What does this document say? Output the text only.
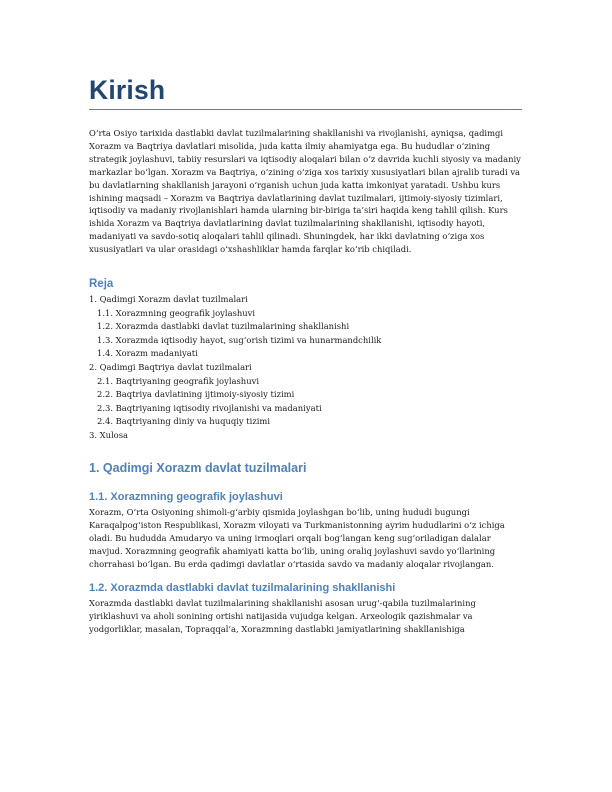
Kirish

O‘rta Osiyo tarixida dastlabki davlat tuzilmalarining shakllanishi va rivojlanishi, ayniqsa, qadimgi Xorazm va Baqtriya davlatlari misolida, juda katta ilmiy ahamiyatga ega. Bu hududlar o‘zining strategik joylashuvi, tabiiy resurslari va iqtisodiy aloqalari bilan o‘z davrida kuchli siyosiy va madaniy markazlar bo‘lgan. Xorazm va Baqtriya, o‘zining o‘ziga xos tarixiy xususiyatlari bilan ajralib turadi va bu davlatlarning shakllanish jarayoni o‘rganish uchun juda katta imkoniyat yaratadi. Ushbu kurs ishining maqsadi – Xorazm va Baqtriya davlatlarining davlat tuzilmalari, ijtimoiy-siyosiy tizimlari, iqtisodiy va madaniy rivojlanishlari hamda ularning bir-biriga ta’siri haqida keng tahlil qilish. Kurs ishida Xorazm va Baqtriya davlatlarining davlat tuzilmalarining shakllanishi, iqtisodiy hayoti, madaniyati va savdo-sotiq aloqalari tahlil qilinadi. Shuningdek, har ikki davlatning o‘ziga xos xususiyatlari va ular orasidagi o‘xshashliklar hamda farqlar ko‘rib chiqiladi.

Reja
1. Qadimgi Xorazm davlat tuzilmalari
1.1. Xorazmning geografik joylashuvi
1.2. Xorazmda dastlabki davlat tuzilmalarining shakllanishi
1.3. Xorazmda iqtisodiy hayot, sug‘orish tizimi va hunarmandchilik
1.4. Xorazm madaniyati
2. Qadimgi Baqtriya davlat tuzilmalari
2.1. Baqtriyaning geografik joylashuvi
2.2. Baqtriya davlatining ijtimoiy-siyosiy tizimi
2.3. Baqtriyaning iqtisodiy rivojlanishi va madaniyati
2.4. Baqtriyaning diniy va huquqiy tizimi
3. Xulosa
1. Qadimgi Xorazm davlat tuzilmalari
1.1. Xorazmning geografik joylashuvi

Xorazm, O‘rta Osiyoning shimoli-g‘arbiy qismida joylashgan bo‘lib, uning hududi bugungi Karaqalpog‘iston Respublikasi, Xorazm viloyati va Turkmanistonning ayrim hududlarini o‘z ichiga oladi. Bu hududda Amudaryo va uning irmoqlari orqali bog‘langan keng sug‘oriladigan dalalar mavjud. Xorazmning geografik ahamiyati katta bo‘lib, uning oraliq joylashuvi savdo yo‘llarining chorrahasi bo‘lgan. Bu erda qadimgi davlatlar o‘rtasida savdo va madaniy aloqalar rivojlangan.

1.2. Xorazmda dastlabki davlat tuzilmalarining shakllanishi

Xorazmda dastlabki davlat tuzilmalarining shakllanishi asosan urug‘-qabila tuzilmalarining yiriklashuvi va aholi sonining ortishi natijasida vujudga kelgan. Arxeologik qazishmalar va yodgorliklar, masalan, Topraqqal’a, Xorazmning dastlabki jamiyatlarining shakllanishiga
